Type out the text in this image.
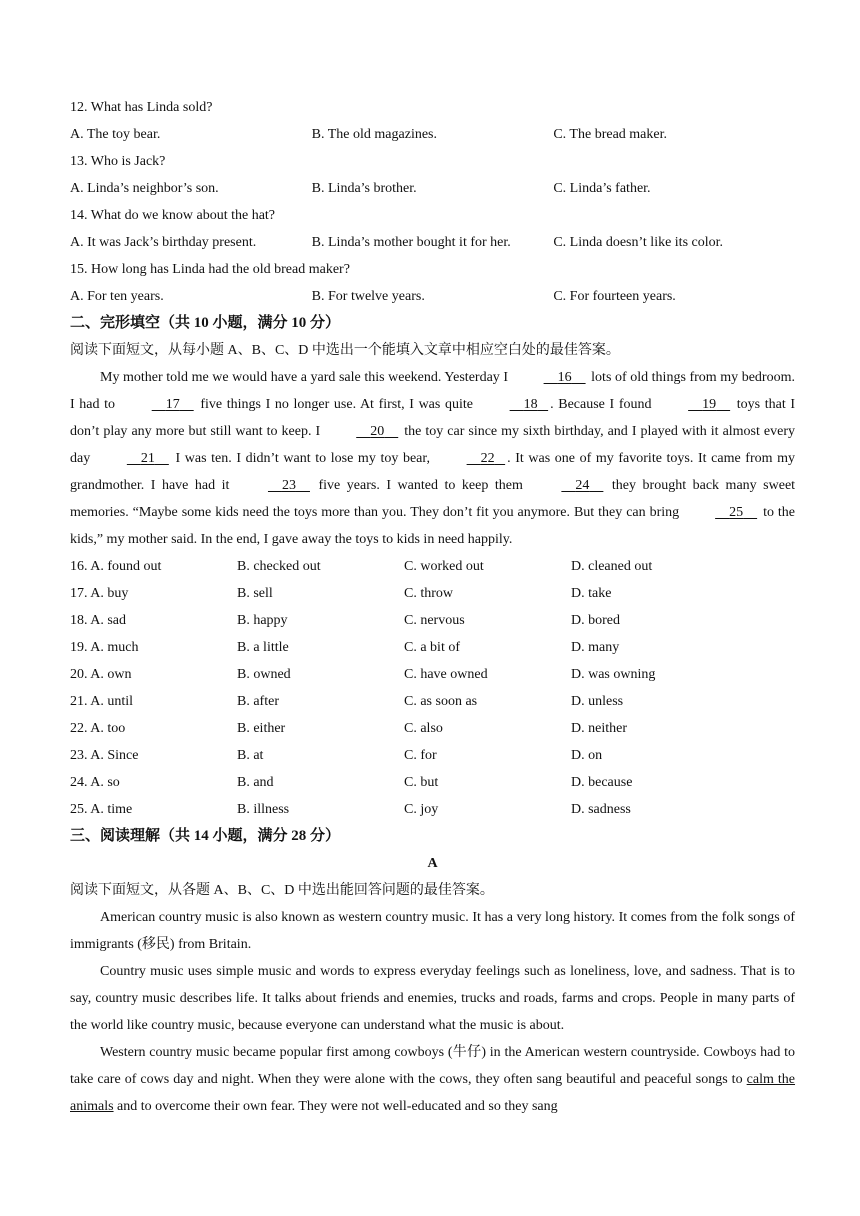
12. What has Linda sold?
A. The toy bear.	B. The old magazines.	C. The bread maker.
13. Who is Jack?
A. Linda’s neighbor’s son.	B. Linda’s brother.	C. Linda’s father.
14. What do we know about the hat?
A. It was Jack’s birthday present.	B. Linda’s mother bought it for her.	C. Linda doesn’t like its color.
15. How long has Linda had the old bread maker?
A. For ten years.	B. For twelve years.	C. For fourteen years.
二、完形填空（共 10 小题，满分 10 分）
阅读下面短文，从每小题 A、B、C、D 中选出一个能填入文章中相应空白处的最佳答案。
My mother told me we would have a yard sale this weekend. Yesterday I	16 lots of old things from my bedroom. I had to	17 five things I no longer use. At first, I was quite	18 . Because I found	19 toys that I don’t play any more but still want to keep. I	20 the toy car since my sixth birthday, and I played with it almost every day	21 I was ten. I didn’t want to lose my toy bear,	22 . It was one of my favorite toys. It came from my grandmother. I have had it	23 five years. I wanted to keep them	24 they brought back many sweet memories. “Maybe some kids need the toys more than you. They don’t fit you anymore. But they can bring	25 to the kids,” my mother said. In the end, I gave away the toys to kids in need happily.
16. A. found out	B. checked out	C. worked out	D. cleaned out
17. A. buy	B. sell	C. throw	D. take
18. A. sad	B. happy	C. nervous	D. bored
19. A. much	B. a little	C. a bit of	D. many
20. A. own	B. owned	C. have owned	D. was owning
21. A. until	B. after	C. as soon as	D. unless
22. A. too	B. either	C. also	D. neither
23. A. Since	B. at	C. for	D. on
24. A. so	B. and	C. but	D. because
25. A. time	B. illness	C. joy	D. sadness
三、阅读理解（共 14 小题，满分 28 分）
A
阅读下面短文，从各题 A、B、C、D 中选出能回答问题的最佳答案。
American country music is also known as western country music. It has a very long history. It comes from the folk songs of immigrants (移民) from Britain.
Country music uses simple music and words to express everyday feelings such as loneliness, love, and sadness. That is to say, country music describes life. It talks about friends and enemies, trucks and roads, farms and crops. People in many parts of the world like country music, because everyone can understand what the music is about.
Western country music became popular first among cowboys (牛仔) in the American western countryside. Cowboys had to take care of cows day and night. When they were alone with the cows, they often sang beautiful and peaceful songs to calm the animals and to overcome their own fear. They were not well-educated and so they sang
